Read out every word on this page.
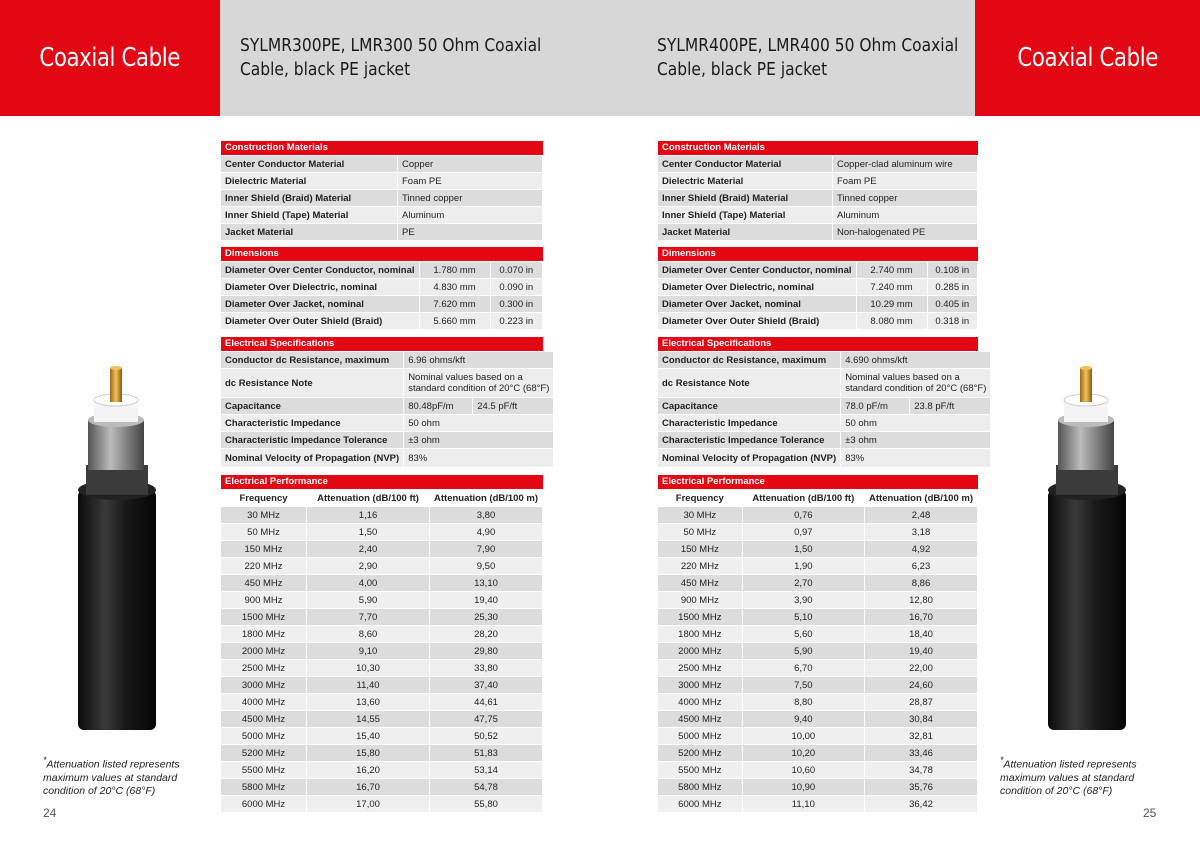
Coaxial Cable	Coaxial Cable
SYLMR300PE, LMR300 50 Ohm Coaxial
Cable, black PE jacket
SYLMR400PE, LMR400 50 Ohm Coaxial
Cable, black PE jacket
Construction Materials
Center Conductor Material	Copper
Dielectric Material	Foam PE
Inner Shield (Braid) Material	Tinned copper
Inner Shield (Tape) Material	Aluminum
Jacket Material	PE
Dimensions
Diameter Over Center Conductor, nominal	1.780 mm	0.070 in
Diameter Over Dielectric, nominal	4.830 mm	0.090 in
Diameter Over Jacket, nominal	7.620 mm	0.300 in
Diameter Over Outer Shield (Braid)	5.660 mm	0.223 in
Electrical Specifications
Conductor dc Resistance, maximum	6.96 ohms/kft	
dc Resistance Note	Nominal values based on a
standard condition of 20°C (68°F)	

Capacitance	80.48pF/m	24.5 pF/ft
Characteristic Impedance	50 ohm	
Characteristic Impedance Tolerance	±3 ohm	
Nominal Velocity of Propagation (NVP)	83%	
Electrical Performance
Frequency	Attenuation (dB/100 ft)	Attenuation (dB/100 m)
30 MHz	1,16	3,80
50 MHz	1,50	4,90
150 MHz	2,40	7,90
220 MHz	2,90	9,50
450 MHz	4,00	13,10
900 MHz	5,90	19,40
1500 MHz	7,70	25,30
1800 MHz	8,60	28,20
2000 MHz	9,10	29,80
2500 MHz	10,30	33,80
3000 MHz	11,40	37,40
4000 MHz	13,60	44,61
4500 MHz	14,55	47,75
5000 MHz	15,40	50,52
5200 MHz	15,80	51,83
5500 MHz	16,20	53,14
5800 MHz	16,70	54,78
6000 MHz	17,00	55,80
Construction Materials
Center Conductor Material	Copper-clad aluminum wire
Dielectric Material	Foam PE
Inner Shield (Braid) Material	Tinned copper
Inner Shield (Tape) Material	Aluminum
Jacket Material	Non-halogenated PE
Dimensions
Diameter Over Center Conductor, nominal	2.740 mm	0.108 in
Diameter Over Dielectric, nominal	7.240 mm	0.285 in
Diameter Over Jacket, nominal	10.29 mm	0.405 in
Diameter Over Outer Shield (Braid)	8.080 mm	0.318 in
Electrical Specifications
Conductor dc Resistance, maximum	4.690 ohms/kft	
dc Resistance Note	Nominal values based on a
standard condition of 20°C (68°F)	

Capacitance	78.0 pF/m	23.8 pF/ft
Characteristic Impedance	50 ohm	
Characteristic Impedance Tolerance	±3 ohm	
Nominal Velocity of Propagation (NVP)	83%	
Electrical Performance
Frequency	Attenuation (dB/100 ft)	Attenuation (dB/100 m)
30 MHz	0,76	2,48
50 MHz	0,97	3,18
150 MHz	1,50	4,92
220 MHz	1,90	6,23
450 MHz	2,70	8,86
900 MHz	3,90	12,80
1500 MHz	5,10	16,70
1800 MHz	5,60	18,40
2000 MHz	5,90	19,40
2500 MHz	6,70	22,00
3000 MHz	7,50	24,60
4000 MHz	8,80	28,87
4500 MHz	9,40	30,84
5000 MHz	10,00	32,81
5200 MHz	10,20	33,46
5500 MHz	10,60	34,78
5800 MHz	10,90	35,76
6000 MHz	11,10	36,42
*Attenuation listed represents
maximum values at standard
condition of 20°C (68°F)
*Attenuation listed represents
maximum values at standard
condition of 20°C (68°F)
24	25
